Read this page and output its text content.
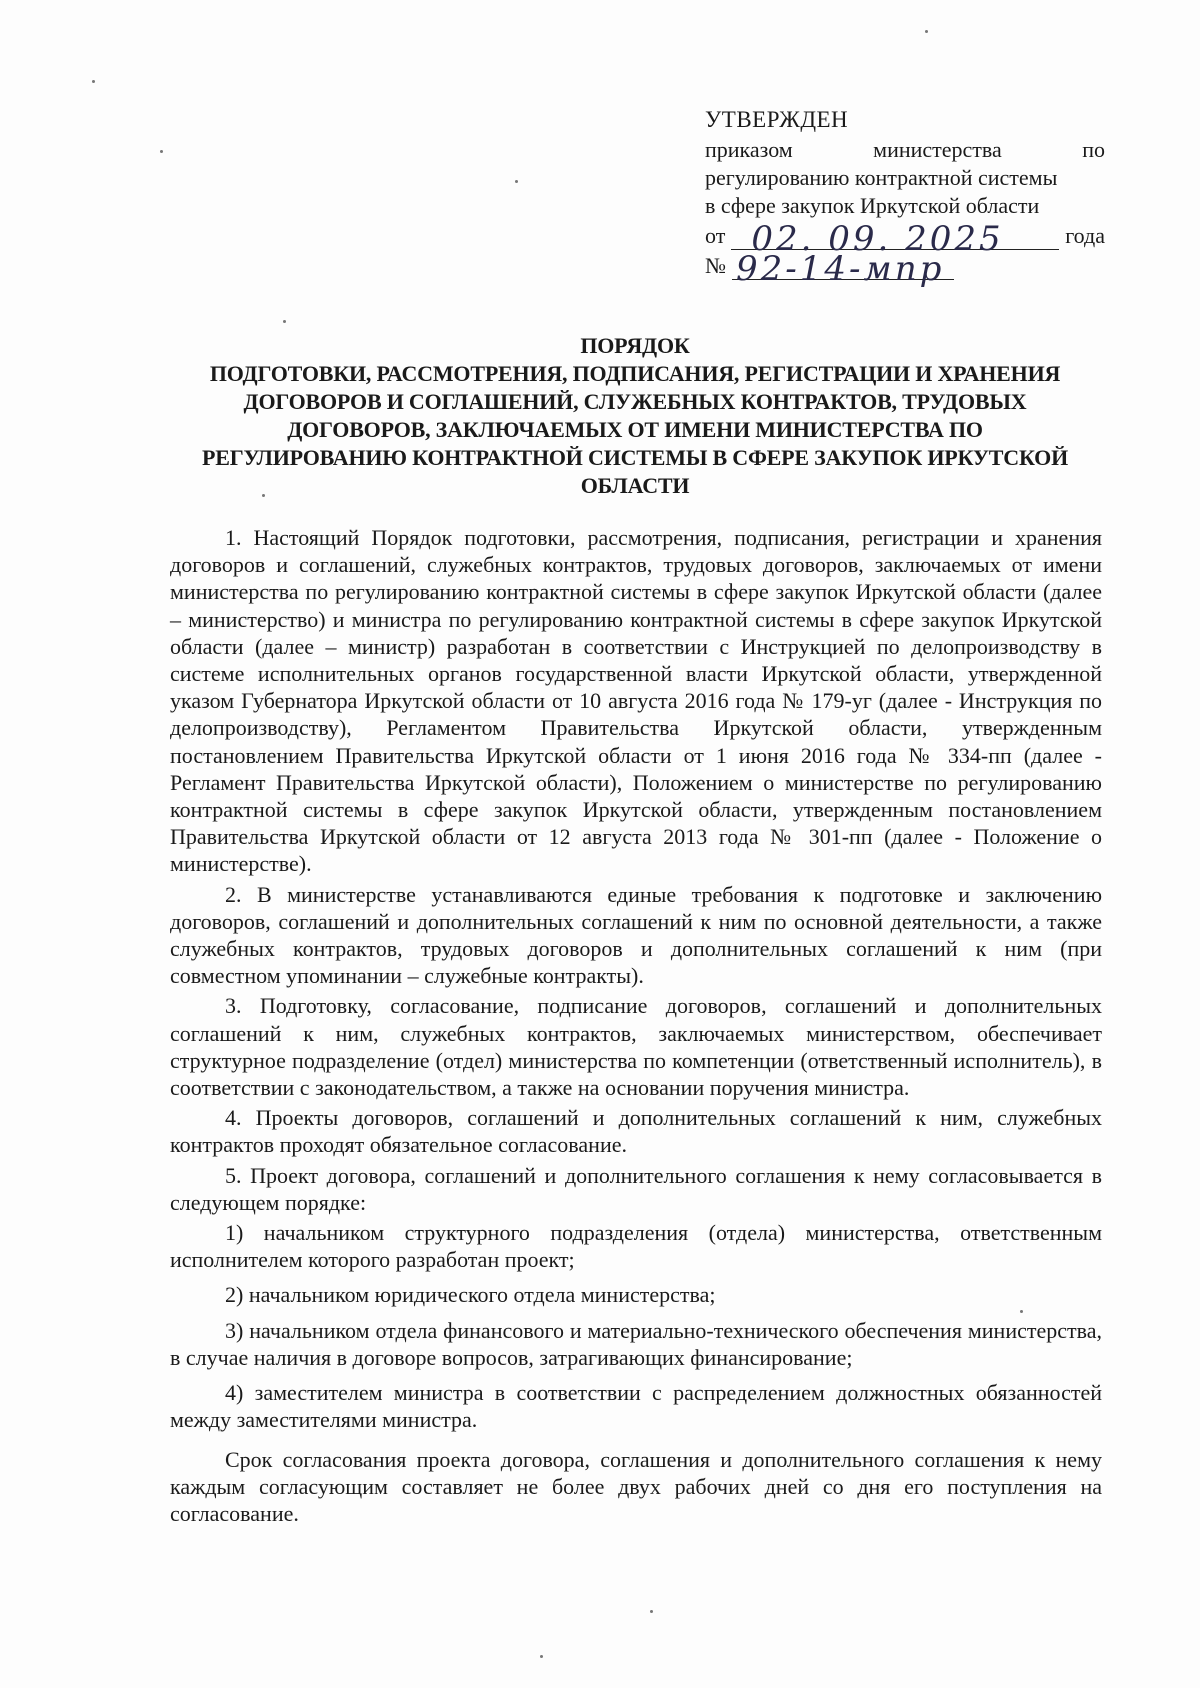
УТВЕРЖДЕН
приказом министерства по
регулированию контрактной системы
в сфере закупок Иркутской области
от 02. 09. 2025	года
№ 92-14-мпр
ПОРЯДОК
ПОДГОТОВКИ, РАССМОТРЕНИЯ, ПОДПИСАНИЯ, РЕГИСТРАЦИИ И ХРАНЕНИЯ
ДОГОВОРОВ И СОГЛАШЕНИЙ, СЛУЖЕБНЫХ КОНТРАКТОВ, ТРУДОВЫХ
ДОГОВОРОВ, ЗАКЛЮЧАЕМЫХ ОТ ИМЕНИ МИНИСТЕРСТВА ПО
РЕГУЛИРОВАНИЮ КОНТРАКТНОЙ СИСТЕМЫ В СФЕРЕ ЗАКУПОК ИРКУТСКОЙ
ОБЛАСТИ

1. Настоящий Порядок подготовки, рассмотрения, подписания, регистрации и хранения договоров и соглашений, служебных контрактов, трудовых договоров, заключаемых от имени министерства по регулированию контрактной системы в сфере закупок Иркутской области (далее – министерство) и министра по регулированию контрактной системы в сфере закупок Иркутской области (далее – министр) разработан в соответствии с Инструкцией по делопроизводству в системе исполнительных органов государственной власти Иркутской области, утвержденной указом Губернатора Иркутской области от 10 августа 2016 года № 179-уг (далее - Инструкция по делопроизводству), Регламентом Правительства Иркутской области, утвержденным постановлением Правительства Иркутской области от 1 июня 2016 года № 334-пп (далее - Регламент Правительства Иркутской области), Положением о министерстве по регулированию контрактной системы в сфере закупок Иркутской области, утвержденным постановлением Правительства Иркутской области от 12 августа 2013 года № 301-пп (далее - Положение о министерстве).

2. В министерстве устанавливаются единые требования к подготовке и заключению договоров, соглашений и дополнительных соглашений к ним по основной деятельности, а также служебных контрактов, трудовых договоров и дополнительных соглашений к ним (при совместном упоминании – служебные контракты).

3. Подготовку, согласование, подписание договоров, соглашений и дополнительных соглашений к ним, служебных контрактов, заключаемых министерством, обеспечивает структурное подразделение (отдел) министерства по компетенции (ответственный исполнитель), в соответствии с законодательством, а также на основании поручения министра.

4. Проекты договоров, соглашений и дополнительных соглашений к ним, служебных контрактов проходят обязательное согласование.

5. Проект договора, соглашений и дополнительного соглашения к нему согласовывается в следующем порядке:

1) начальником структурного подразделения (отдела) министерства, ответственным исполнителем которого разработан проект;

2) начальником юридического отдела министерства;

3) начальником отдела финансового и материально-технического обеспечения министерства, в случае наличия в договоре вопросов, затрагивающих финансирование;

4) заместителем министра в соответствии с распределением должностных обязанностей между заместителями министра.

Срок согласования проекта договора, соглашения и дополнительного соглашения к нему каждым согласующим составляет не более двух рабочих дней со дня его поступления на согласование.
